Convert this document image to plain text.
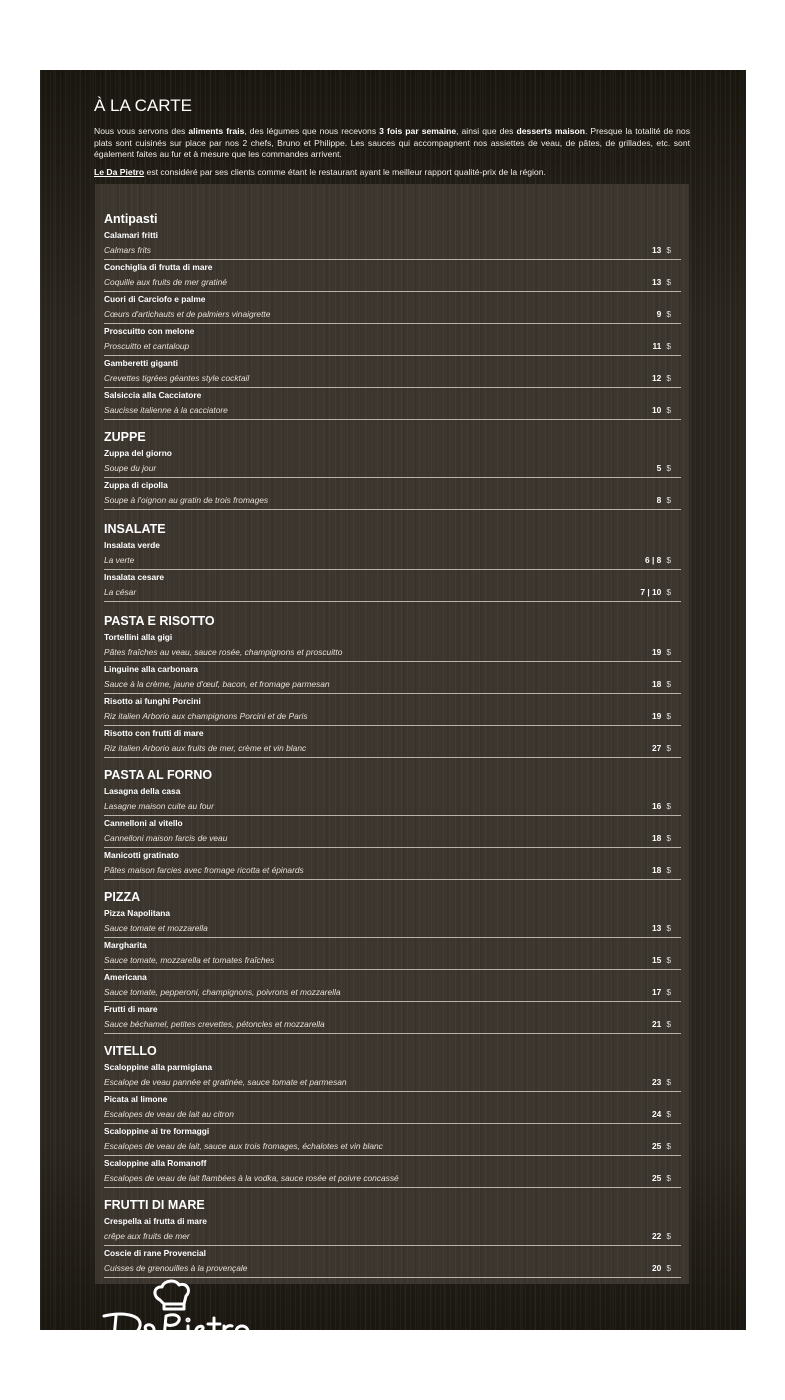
À LA CARTE

Nous vous servons des aliments frais, des légumes que nous recevons 3 fois par semaine, ainsi que des desserts maison. Presque la totalité de nos plats sont cuisinés sur place par nos 2 chefs, Bruno et Philippe. Les sauces qui accompagnent nos assiettes de veau, de pâtes, de grillades, etc. sont également faites au fur et à mesure que les commandes arrivent.

Le Da Pietro est considéré par ses clients comme étant le restaurant ayant le meilleur rapport qualité-prix de la région.

Antipasti
Calamari fritti
Calmars frits	13 $
Conchiglia di frutta di mare
Coquille aux fruits de mer gratiné	13 $
Cuori di Carciofo e palme
Cœurs d'artichauts et de palmiers vinaigrette	9 $
Proscuitto con melone
Proscuitto et cantaloup	11 $
Gamberetti giganti
Crevettes tigrées géantes style cocktail	12 $
Salsiccia alla Cacciatore
Saucisse italienne à la cacciatore	10 $
ZUPPE
Zuppa del giorno
Soupe du jour	5 $
Zuppa di cipolla
Soupe à l'oignon au gratin de trois fromages	8 $
INSALATE
Insalata verde
La verte	6 | 8 $
Insalata cesare
La césar	7 | 10 $
PASTA E RISOTTO
Tortellini alla gigi
Pâtes fraîches au veau, sauce rosée, champignons et proscuitto	19 $
Linguine alla carbonara
Sauce à la crème, jaune d'œuf, bacon, et fromage parmesan	18 $
Risotto ai funghi Porcini
Riz italien Arborio aux champignons Porcini et de Paris	19 $
Risotto con frutti di mare
Riz italien Arborio aux fruits de mer, crème et vin blanc	27 $
PASTA AL FORNO
Lasagna della casa
Lasagne maison cuite au four	16 $
Cannelloni al vitello
Cannelloni maison farcis de veau	18 $
Manicotti gratinato
Pâtes maison farcies avec fromage ricotta et épinards	18 $
PIZZA
Pizza Napolitana
Sauce tomate et mozzarella	13 $
Margharita
Sauce tomate, mozzarella et tomates fraîches	15 $
Americana
Sauce tomate, pepperoni, champignons, poivrons et mozzarella	17 $
Frutti di mare
Sauce béchamel, petites crevettes, pétoncles et mozzarella	21 $
VITELLO
Scaloppine alla parmigiana
Escalope de veau pannée et gratinée, sauce tomate et parmesan	23 $
Picata al limone
Escalopes de veau de lait au citron	24 $
Scaloppine ai tre formaggi
Escalopes de veau de lait, sauce aux trois fromages, échalotes et vin blanc	25 $
Scaloppine alla Romanoff
Escalopes de veau de lait flambées à la vodka, sauce rosée et poivre concassé	25 $
FRUTTI DI MARE
Crespella ai frutta di mare
crêpe aux fruits de mer	22 $
Coscie di rane Provencial
Cuisses de grenouilles à la provençale	20 $
